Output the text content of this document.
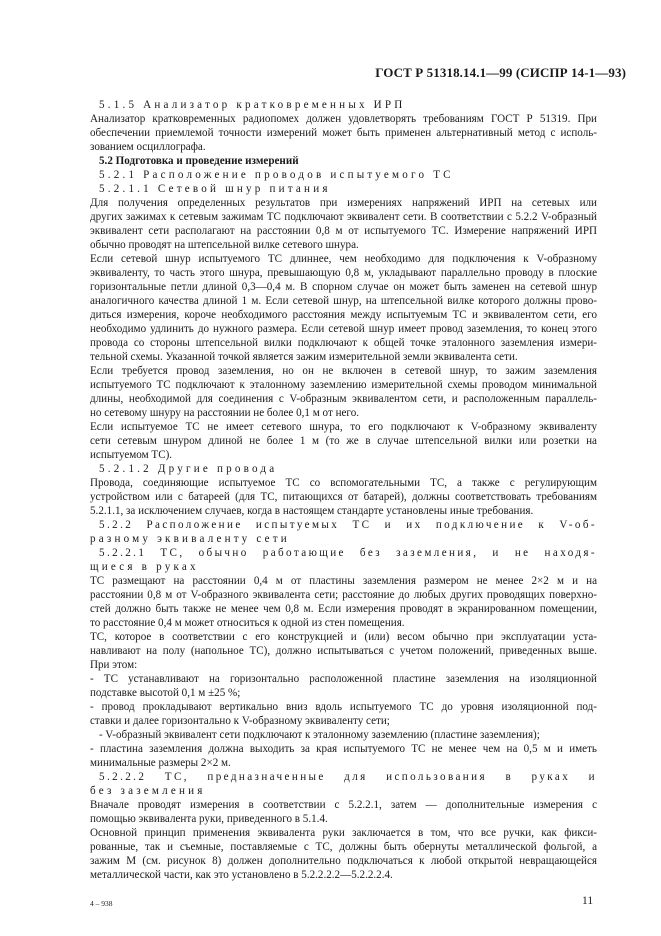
ГОСТ Р 51318.14.1—99 (СИСПР 14-1—93)
5.1.5 Анализатор кратковременных ИРП
Анализатор кратковременных радиопомех должен удовлетворять требованиям ГОСТ Р 51319. При
обеспечении приемлемой точности измерений может быть применен альтернативный метод с исполь-
зованием осциллографа.
5.2 Подготовка и проведение измерений
5.2.1 Расположение проводов испытуемого ТС
5.2.1.1 Сетевой шнур питания
Для получения определенных результатов при измерениях напряжений ИРП на сетевых или
других зажимах к сетевым зажимам ТС подключают эквивалент сети. В соответствии с 5.2.2 V-образный
эквивалент сети располагают на расстоянии 0,8 м от испытуемого ТС. Измерение напряжений ИРП
обычно проводят на штепсельной вилке сетевого шнура.
Если сетевой шнур испытуемого ТС длиннее, чем необходимо для подключения к V-образному
эквиваленту, то часть этого шнура, превышающую 0,8 м, укладывают параллельно проводу в плоские
горизонтальные петли длиной 0,3—0,4 м. В спорном случае он может быть заменен на сетевой шнур
аналогичного качества длиной 1 м. Если сетевой шнур, на штепсельной вилке которого должны прово-
диться измерения, короче необходимого расстояния между испытуемым ТС и эквивалентом сети, его
необходимо удлинить до нужного размера. Если сетевой шнур имеет провод заземления, то конец этого
провода со стороны штепсельной вилки подключают к общей точке эталонного заземления измери-
тельной схемы. Указанной точкой является зажим измерительной земли эквивалента сети.
Если требуется провод заземления, но он не включен в сетевой шнур, то зажим заземления
испытуемого ТС подключают к эталонному заземлению измерительной схемы проводом минимальной
длины, необходимой для соединения с V-образным эквивалентом сети, и расположенным параллель-
но сетевому шнуру на расстоянии не более 0,1 м от него.
Если испытуемое ТС не имеет сетевого шнура, то его подключают к V-образному эквиваленту
сети сетевым шнуром длиной не более 1 м (то же в случае штепсельной вилки или розетки на
испытуемом ТС).
5.2.1.2 Другие провода
Провода, соединяющие испытуемое ТС со вспомогательными ТС, а также с регулирующим
устройством или с батареей (для ТС, питающихся от батарей), должны соответствовать требованиям
5.2.1.1, за исключением случаев, когда в настоящем стандарте установлены иные требования.
5.2.2 Расположение испытуемых ТС и их подключение к V-об-
разному эквиваленту сети
5.2.2.1 ТС, обычно работающие без заземления, и не находя-
щиеся в руках
ТС размещают на расстоянии 0,4 м от пластины заземления размером не менее 2×2 м и на
расстоянии 0,8 м от V-образного эквивалента сети; расстояние до любых других проводящих поверхно-
стей должно быть также не менее чем 0,8 м. Если измерения проводят в экранированном помещении,
то расстояние 0,4 м может относиться к одной из стен помещения.
ТС, которое в соответствии с его конструкцией и (или) весом обычно при эксплуатации уста-
навливают на полу (напольное ТС), должно испытываться с учетом положений, приведенных выше.
При этом:
- ТС устанавливают на горизонтально расположенной пластине заземления на изоляционной
подставке высотой 0,1 м ±25 %;
- провод прокладывают вертикально вниз вдоль испытуемого ТС до уровня изоляционной под-
ставки и далее горизонтально к V-образному эквиваленту сети;
- V-образный эквивалент сети подключают к эталонному заземлению (пластине заземления);
- пластина заземления должна выходить за края испытуемого ТС не менее чем на 0,5 м и иметь
минимальные размеры 2×2 м.
5.2.2.2 ТС, предназначенные для использования в руках и
без заземления
Вначале проводят измерения в соответствии с 5.2.2.1, затем — дополнительные измерения с
помощью эквивалента руки, приведенного в 5.1.4.
Основной принцип применения эквивалента руки заключается в том, что все ручки, как фикси-
рованные, так и съемные, поставляемые с ТС, должны быть обернуты металлической фольгой, а
зажим М (см. рисунок 8) должен дополнительно подключаться к любой открытой невращающейся
металлической части, как это установлено в 5.2.2.2.2—5.2.2.2.4.
4 – 938	11
